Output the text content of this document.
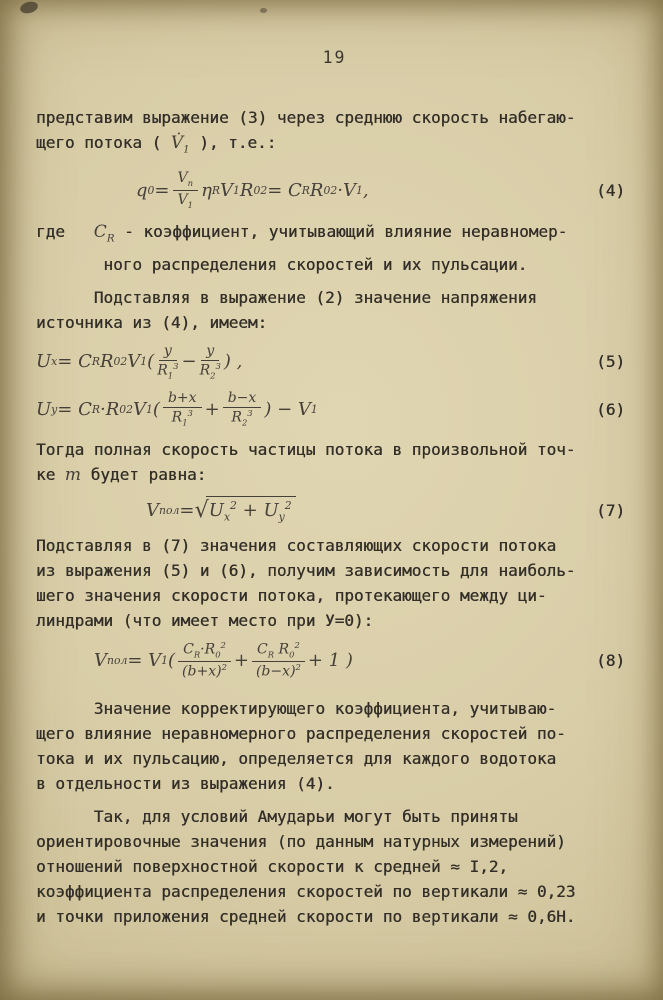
19
представим выражение (3) через среднюю скорость набегаю-
щего потока ( $V̇_1$ ), т.е.:
q $0 = \frac{V_п}{V_1}$ η R V 1 R 0 2 = C R R 0 2 ·V 1 ,	(4)
где   $C_R$ - коэффициент, учитывающий влияние неравномер-
ного распределения скоростей и их пульсации.
Подставляя в выражение (2) значение напряжения
источника из (4), имеем:
U x = C R R 0 2 V 1 ( $\frac{y}{R_1^3} - \frac{y}{R_2^3}$ ) ,	(5)
U y = C R ·R 0 2 V 1 ( $\frac{b+x}{R_1^3} + \frac{b-x}{R_2^3}$ ) − V 1	(6)
Тогда полная скорость частицы потока в произвольной точ-
ке m будет равна:
V пол = √ $U_x^2 + U_y^2$	(7)
Подставляя в (7) значения составляющих скорости потока
из выражения (5) и (6), получим зависимость для наиболь-
шего значения скорости потока, протекающего между ци-
линдрами (что имеет место при У=0):
V пол = V 1 ( $\frac{C_R\cdot R_0^2}{(b+x)^2} + \frac{C_R R_0^2}{(b-x)^2} + 1$ )	(8)
Значение корректирующего коэффициента, учитываю-
щего влияние неравномерного распределения скоростей по-
тока и их пульсацию, определяется для каждого водотока
в отдельности из выражения (4).
Так, для условий Амударьи могут быть приняты
ориентировочные значения (по данным натурных измерений)
отношений поверхностной скорости к средней ≈ I,2,
коэффициента распределения скоростей по вертикали ≈ 0,23
и точки приложения средней скорости по вертикали ≈ 0,6Н.
